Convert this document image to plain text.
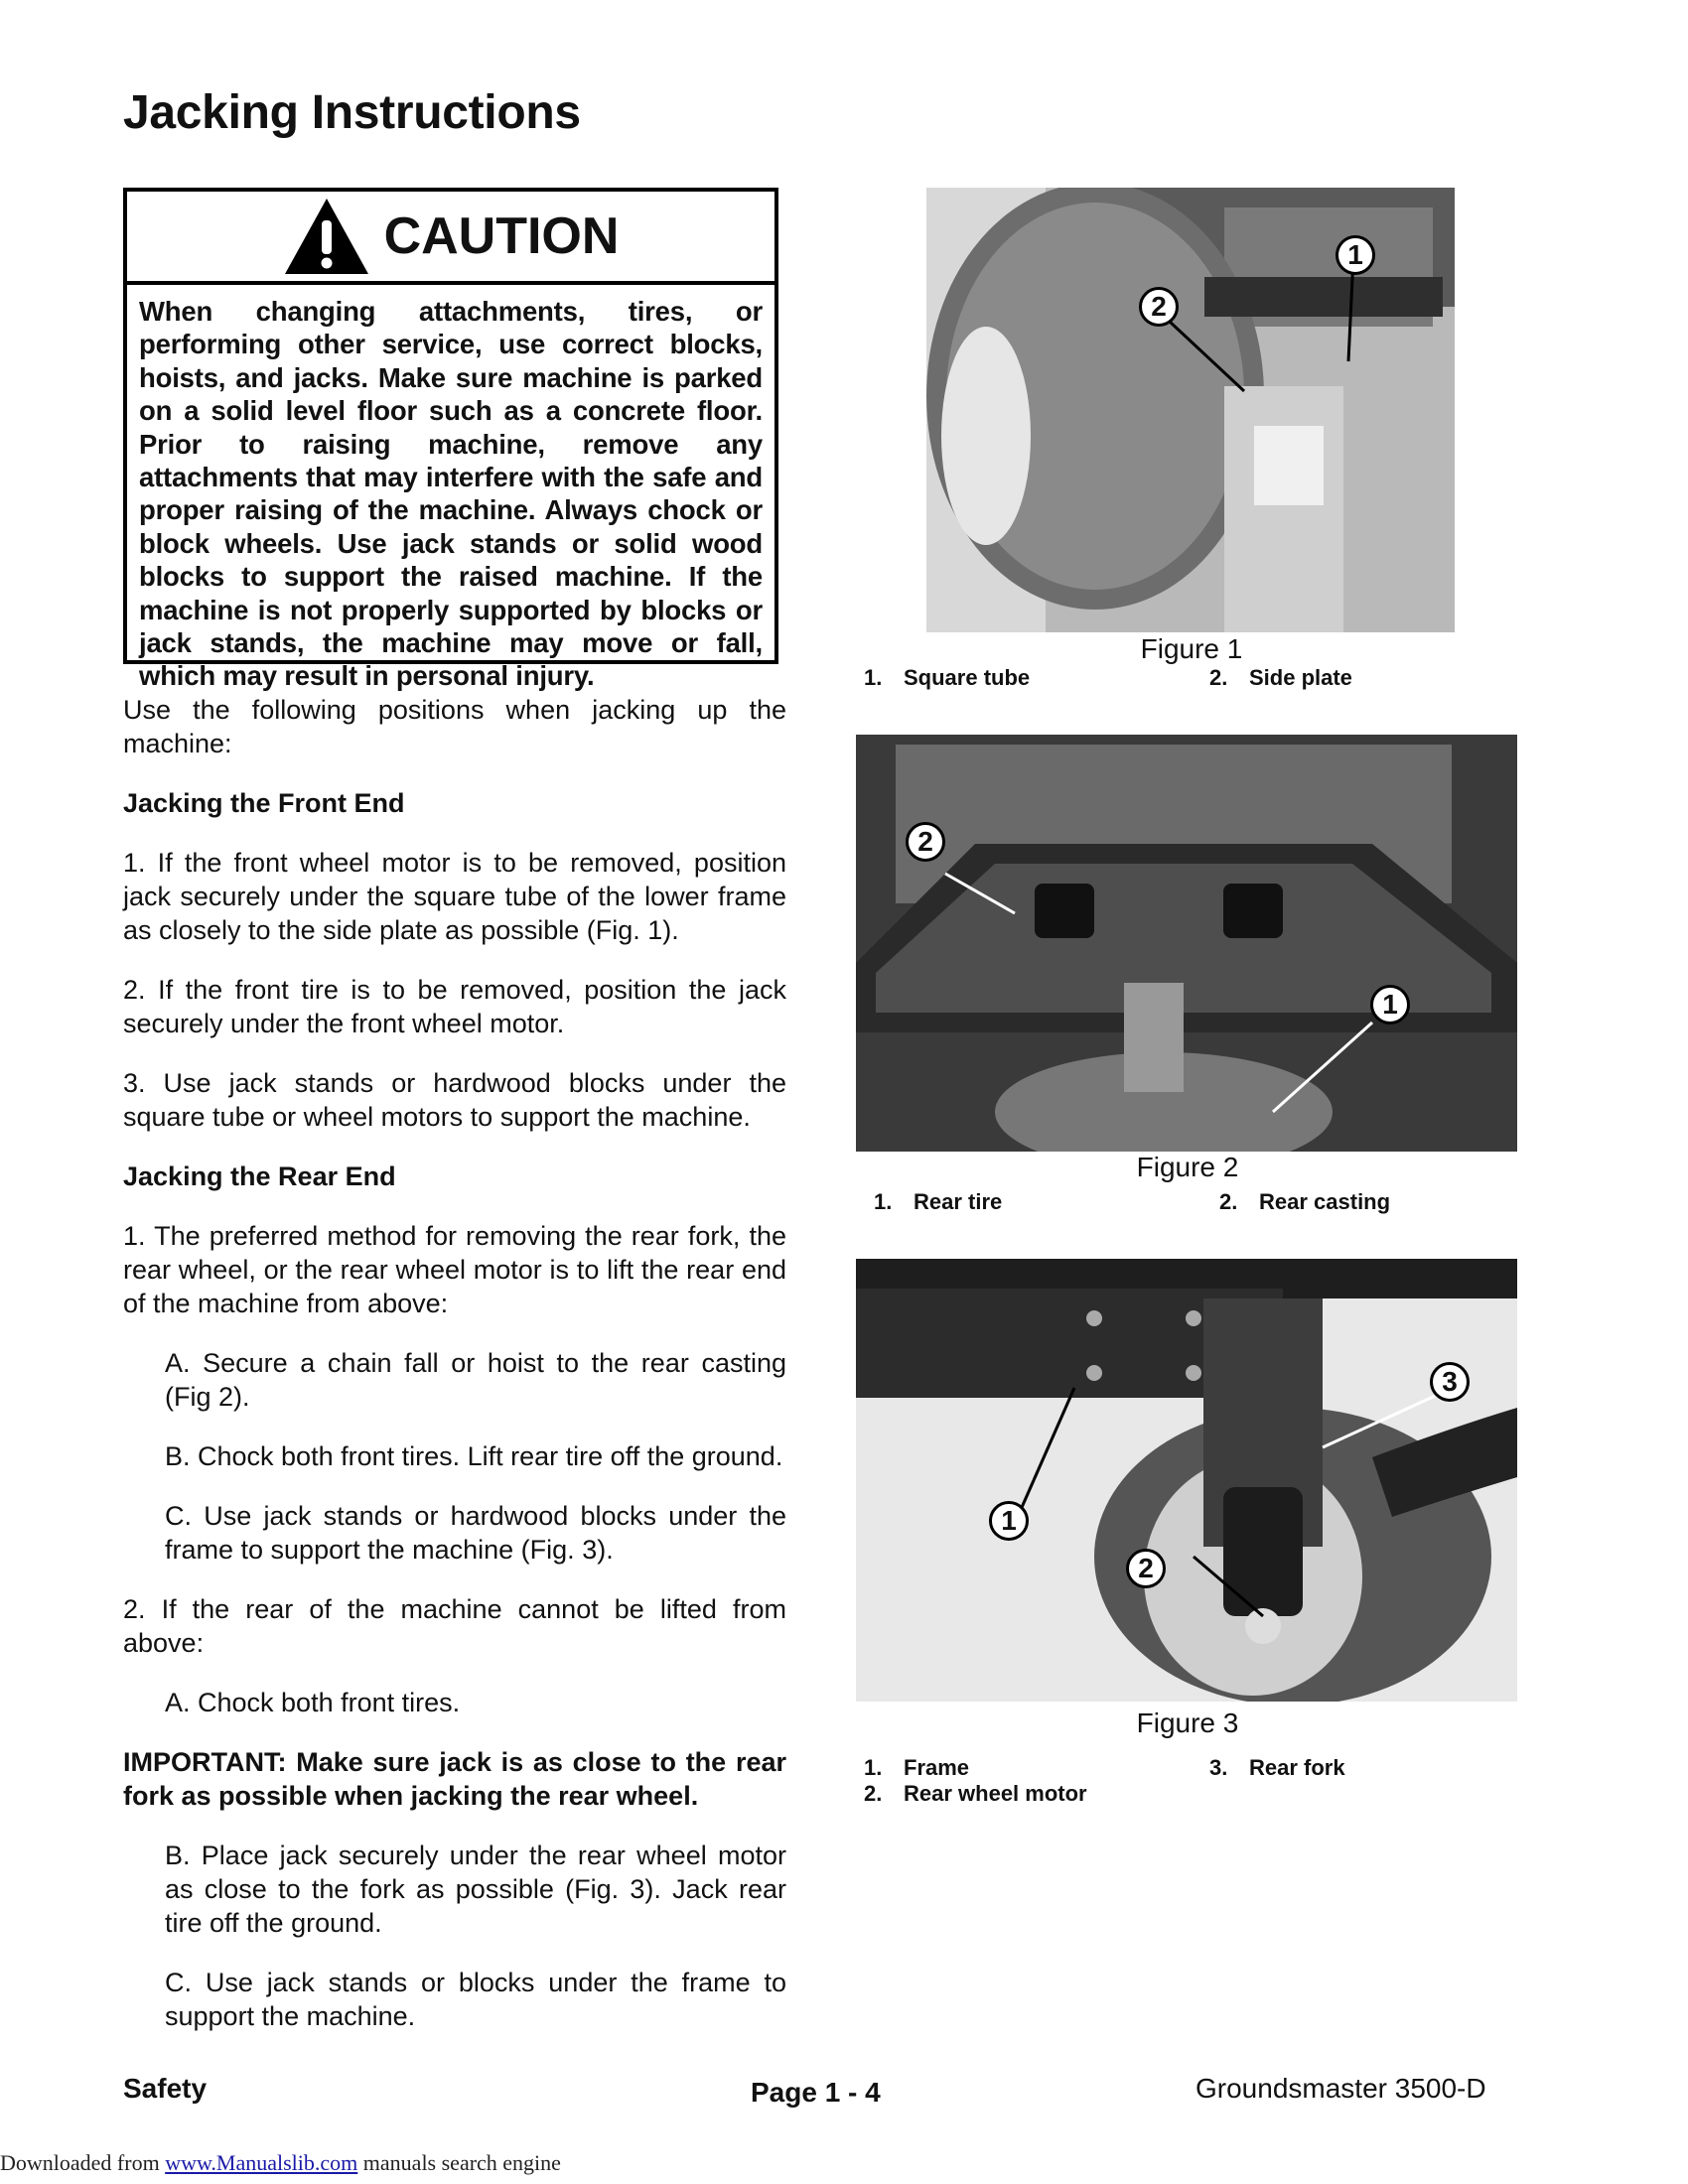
Jacking Instructions
CAUTION
When changing attachments, tires, or performing other service, use correct blocks, hoists, and jacks. Make sure machine is parked on a solid level floor such as a concrete floor. Prior to raising machine, remove any attachments that may interfere with the safe and proper raising of the machine. Always chock or block wheels. Use jack stands or solid wood blocks to support the raised machine. If the machine is not properly supported by blocks or jack stands, the machine may move or fall, which may result in personal injury.

Use the following positions when jacking up the machine:

Jacking the Front End

1. If the front wheel motor is to be removed, position jack securely under the square tube of the lower frame as closely to the side plate as possible (Fig. 1).

2. If the front tire is to be removed, position the jack securely under the front wheel motor.

3. Use jack stands or hardwood blocks under the square tube or wheel motors to support the machine.

Jacking the Rear End

1. The preferred method for removing the rear fork, the rear wheel, or the rear wheel motor is to lift the rear end of the machine from above:

A. Secure a chain fall or hoist to the rear casting (Fig 2).

B. Chock both front tires. Lift rear tire off the ground.

C. Use jack stands or hardwood blocks under the frame to support the machine (Fig. 3).

2. If the rear of the machine cannot be lifted from above:

A. Chock both front tires.

IMPORTANT: Make sure jack is as close to the rear fork as possible when jacking the rear wheel.

B. Place jack securely under the rear wheel motor as close to the fork as possible (Fig. 3). Jack rear tire off the ground.

C. Use jack stands or blocks under the frame to support the machine.

1
2
Figure 1
1. Square tube	2. Side plate
2
1
Figure 2
1. Rear tire	2. Rear casting
3
1
2
Figure 3
1. Frame
2. Rear wheel motor
3. Rear fork
Safety	Page 1 - 4	Groundsmaster 3500-D
Downloaded from www.Manualslib.com manuals search engine
